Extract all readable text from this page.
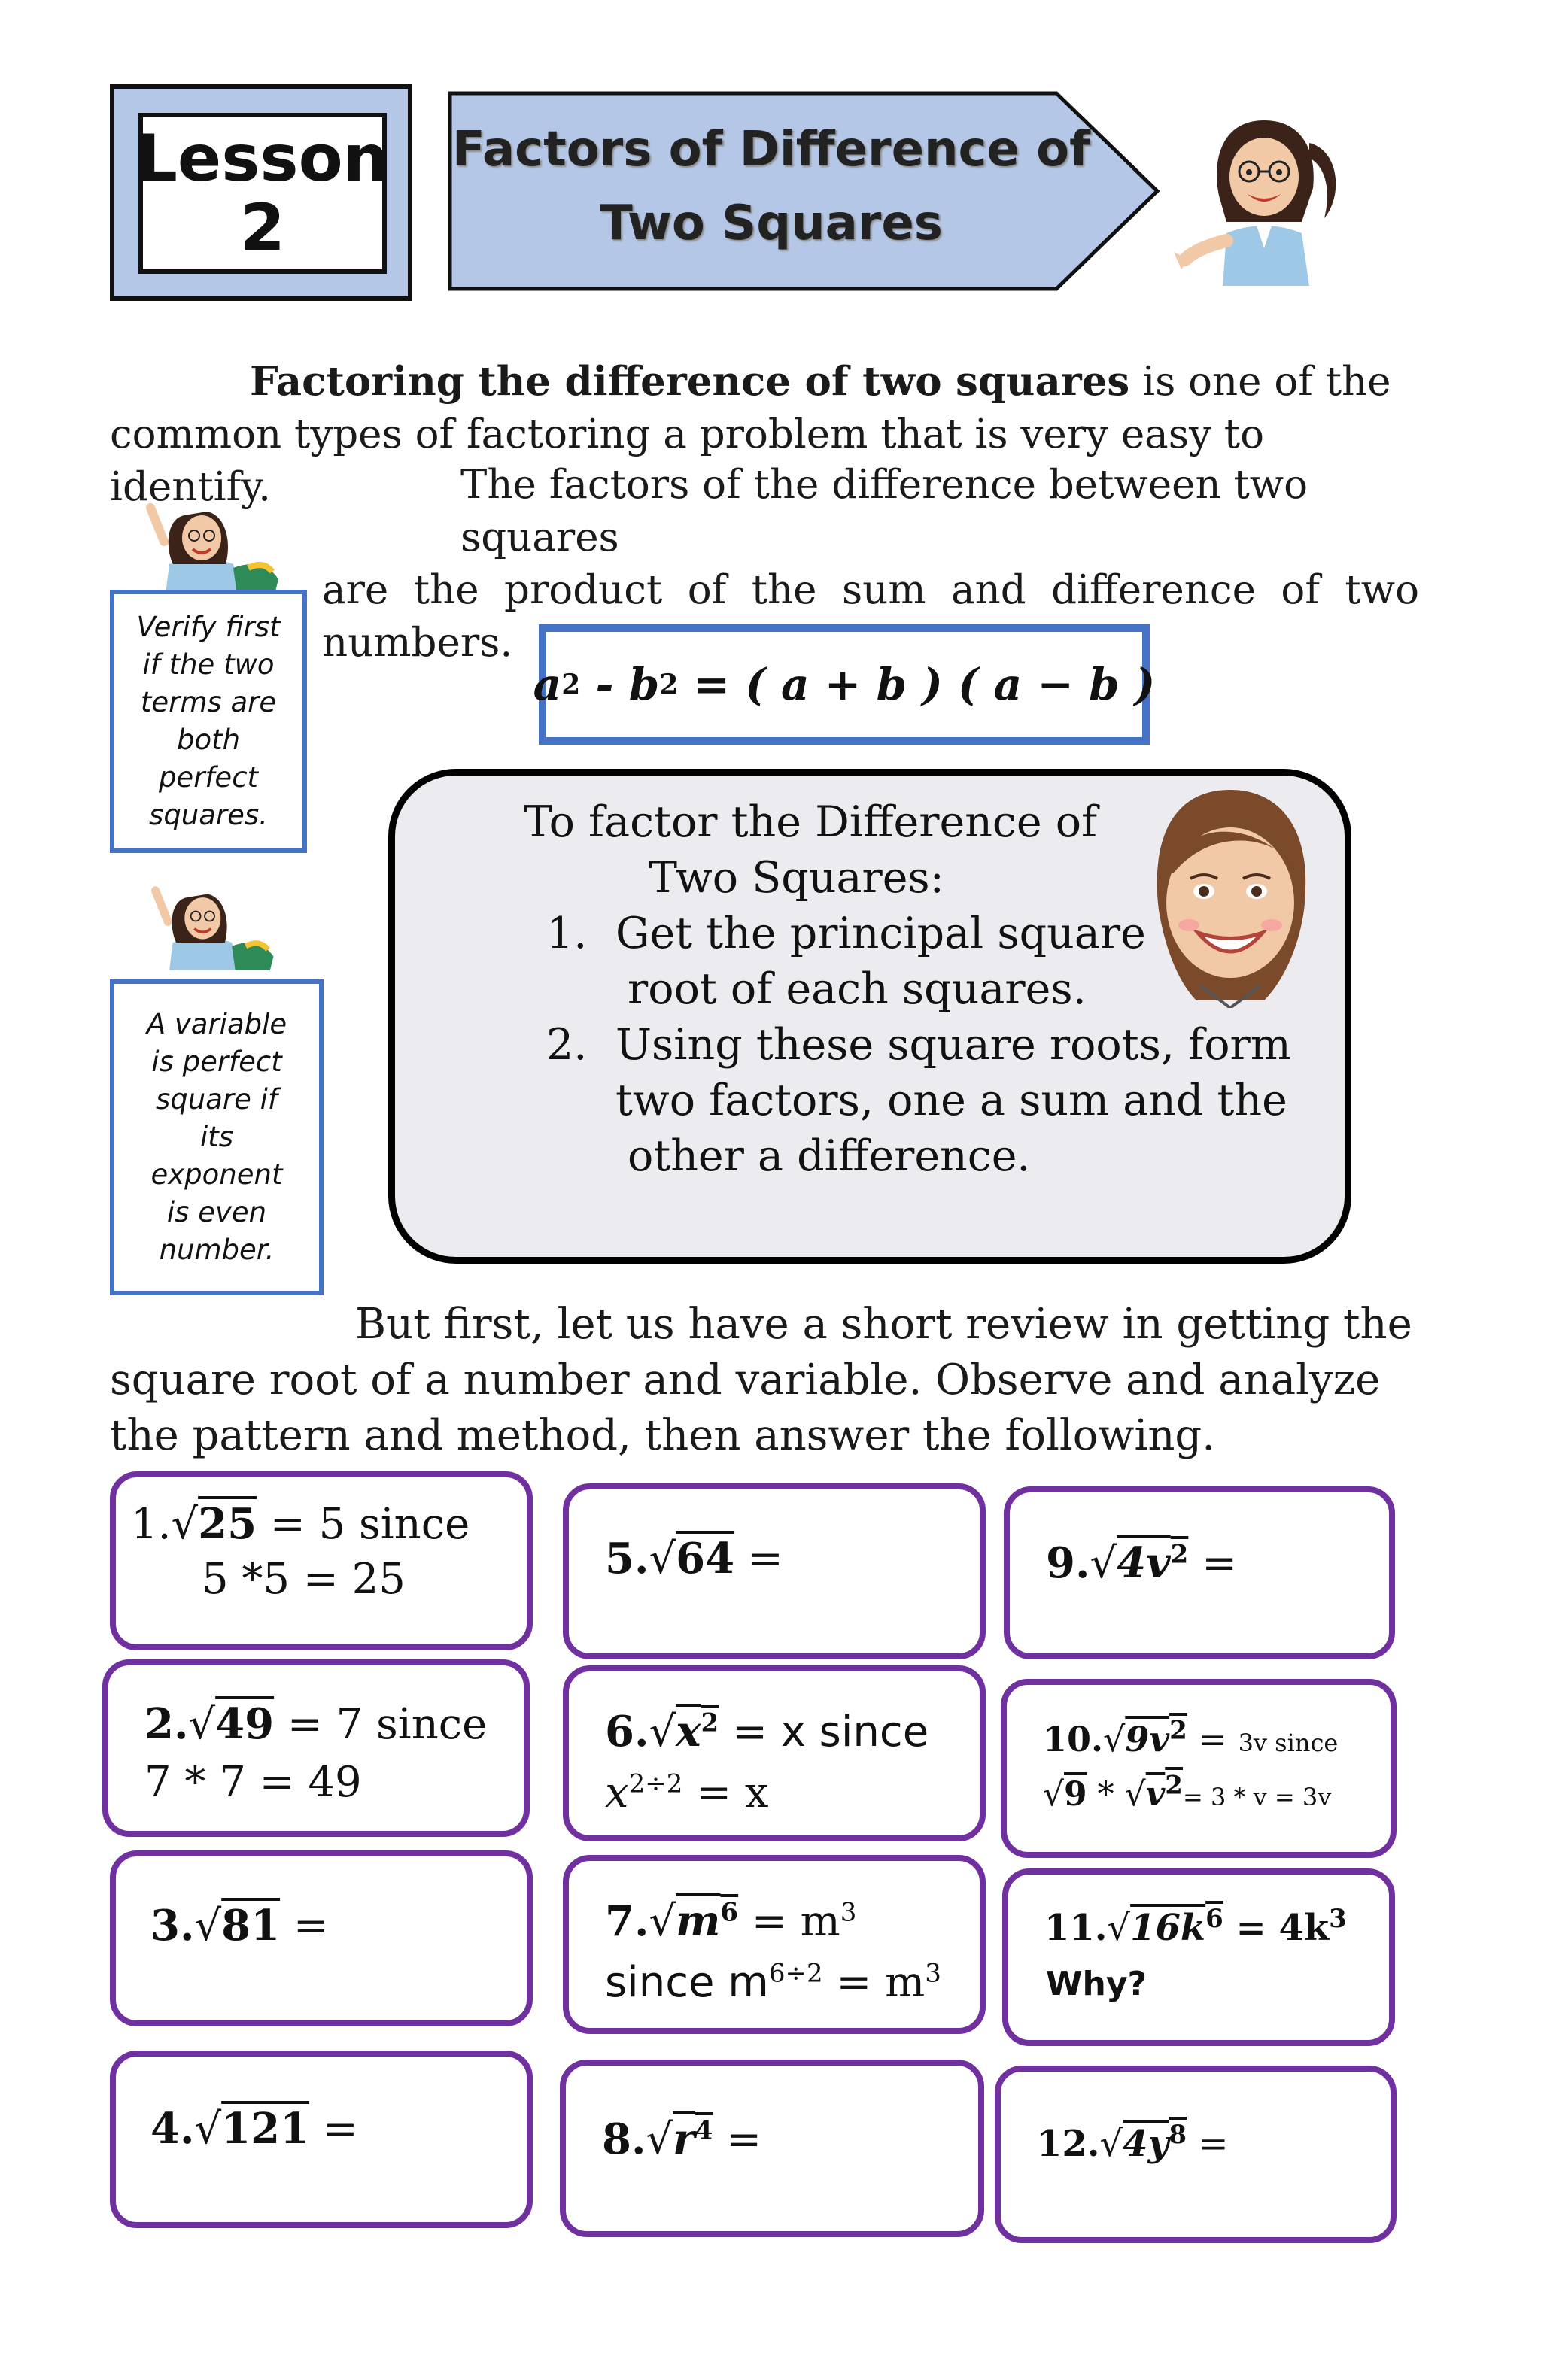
Lesson
2
Factors of Difference of
Two Squares
Factoring the difference of two squares is one of the
common types of factoring a problem that is very easy to identify.	The factors of the difference between two squares
are the product of the sum and difference of two
numbers.
Verify first
if the two
terms are
both
perfect
squares.
a 2 - b 2 = ( a + b ) ( a − b )
A variable
is perfect
square if
its
exponent
is even
number.
To factor the Difference of
Two Squares:
1. Get the principal square
root of each squares.
2. Using these square roots, form
two factors, one a sum and the
other a difference.
But first, let us have a short review in getting the
square root of a number and variable. Observe and analyze
the pattern and method, then answer the following.
1.√25 = 5 since
5 *5 = 25
2.√49 = 7 since
7 * 7 = 49
3.√81 =
4.√121 =
5.√64 =
$6.√x^2 = x$ since
$x^{2\div 2} = x$
$7.√m^6 = m^3$
since $m^{6\div 2} = m^3$
$8.√r^4$ =
$9.√4v^2$ =
$10.√9v^2 = 3v$ since
$√9 * √v^2= 3 * v = 3v$
$11.√16k^6 = 4k^3$
Why?
$12.√4y^8$ =
